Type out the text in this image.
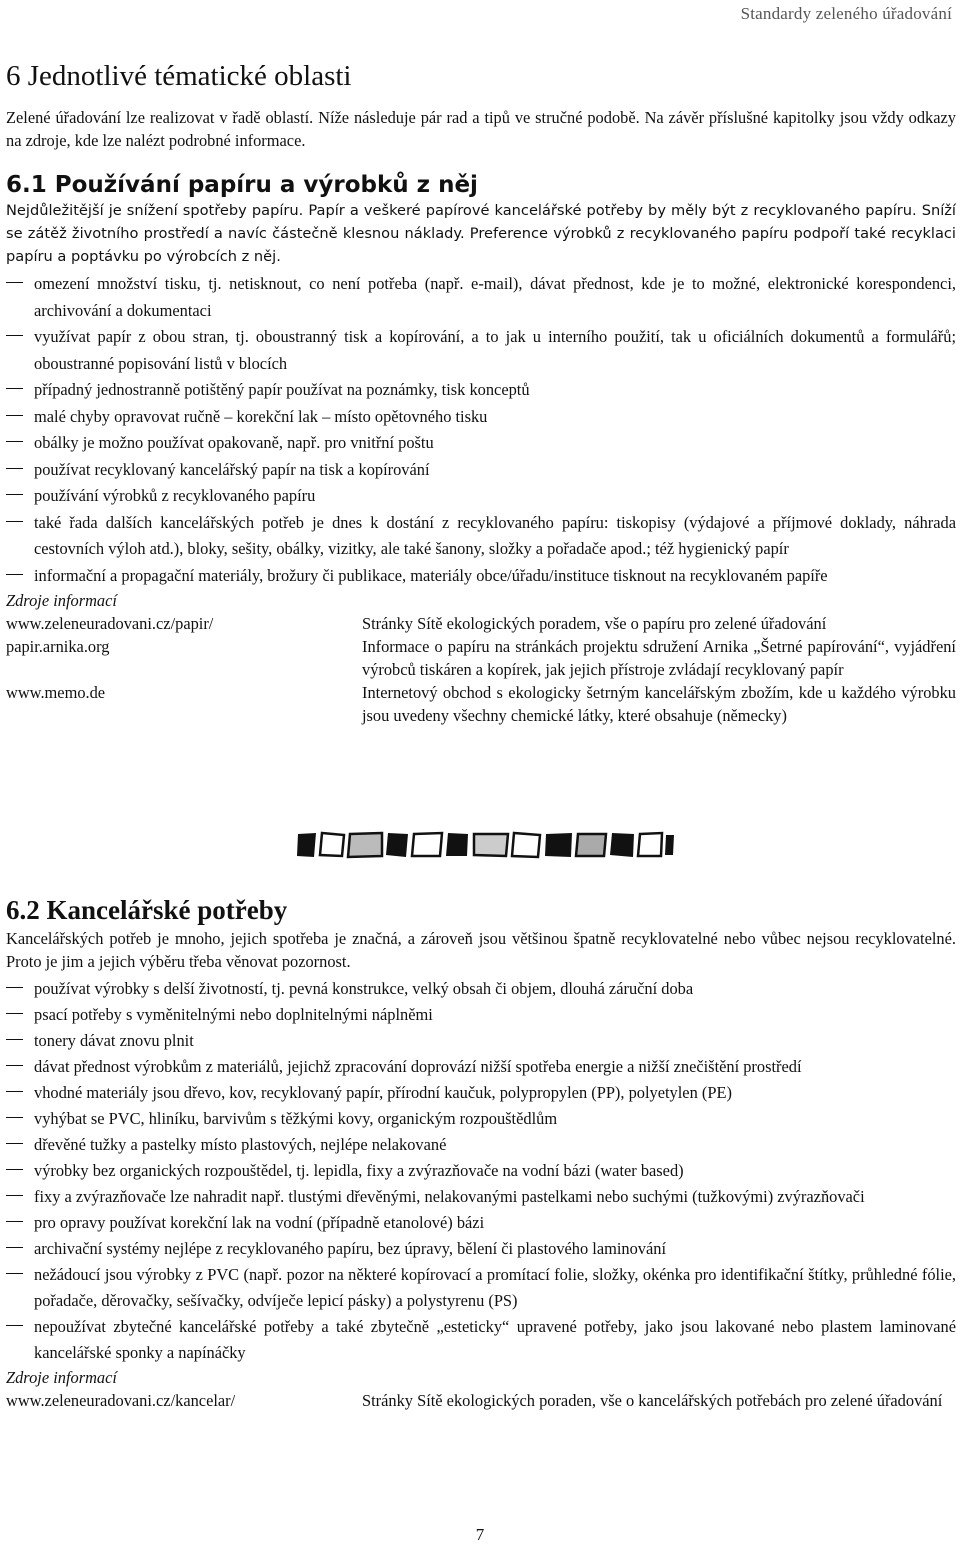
Standardy zeleného úřadování
6 Jednotlivé tématické oblasti

Zelené úřadování lze realizovat v řadě oblastí. Níže následuje pár rad a tipů ve stručné podobě. Na závěr příslušné kapitolky jsou vždy odkazy na zdroje, kde lze nalézt podrobné informace.

6.1 Používání papíru a výrobků z něj

Nejdůležitější je snížení spotřeby papíru. Papír a veškeré papírové kancelářské potřeby by měly být z recyklovaného papíru. Sníží se zátěž životního prostředí a navíc částečně klesnou náklady. Preference výrobků z recyklovaného papíru podpoří také recyklaci papíru a poptávku po výrobcích z něj.

omezení množství tisku, tj. netisknout, co není potřeba (např. e-mail), dávat přednost, kde je to možné, elektronické korespondenci, archivování a dokumentaci
využívat papír z obou stran, tj. oboustranný tisk a kopírování, a to jak u interního použití, tak u oficiálních dokumentů a formulářů; oboustranné popisování listů v blocích
případný jednostranně potištěný papír používat na poznámky, tisk konceptů
malé chyby opravovat ručně – korekční lak – místo opětovného tisku
obálky je možno používat opakovaně, např. pro vnitřní poštu
používat recyklovaný kancelářský papír na tisk a kopírování
používání výrobků z recyklovaného papíru
také řada dalších kancelářských potřeb je dnes k dostání z recyklovaného papíru: tiskopisy (výdajové a příjmové doklady, náhrada cestovních výloh atd.), bloky, sešity, obálky, vizitky, ale také šanony, složky a pořadače apod.; též hygienický papír
informační a propagační materiály, brožury či publikace, materiály obce/úřadu/instituce tisknout na recyklovaném papíře
Zdroje informací
www.zeleneuradovani.cz/papir/	Stránky Sítě ekologických poradem, vše o papíru pro zelené úřadování
papir.arnika.org	Informace o papíru na stránkách projektu sdružení Arnika „Šetrné papírování“, vyjádření výrobců tiskáren a kopírek, jak jejich přístroje zvládají recyklovaný papír
www.memo.de	Internetový obchod s ekologicky šetrným kancelářským zbožím, kde u každého výrobku jsou uvedeny všechny chemické látky, které obsahuje (německy)
6.2 Kancelářské potřeby

Kancelářských potřeb je mnoho, jejich spotřeba je značná, a zároveň jsou většinou špatně recyklovatelné nebo vůbec nejsou recyklovatelné. Proto je jim a jejich výběru třeba věnovat pozornost.

používat výrobky s delší životností, tj. pevná konstrukce, velký obsah či objem, dlouhá záruční doba
psací potřeby s vyměnitelnými nebo doplnitelnými náplněmi
tonery dávat znovu plnit
dávat přednost výrobkům z materiálů, jejichž zpracování doprovází nižší spotřeba energie a nižší znečištění prostředí
vhodné materiály jsou dřevo, kov, recyklovaný papír, přírodní kaučuk, polypropylen (PP), polyetylen (PE)
vyhýbat se PVC, hliníku, barvivům s těžkými kovy, organickým rozpouštědlům
dřevěné tužky a pastelky místo plastových, nejlépe nelakované
výrobky bez organických rozpouštědel, tj. lepidla, fixy a zvýrazňovače na vodní bázi (water based)
fixy a zvýrazňovače lze nahradit např. tlustými dřevěnými, nelakovanými pastelkami nebo suchými (tužkovými) zvýrazňovači
pro opravy používat korekční lak na vodní (případně etanolové) bázi
archivační systémy nejlépe z recyklovaného papíru, bez úpravy, bělení či plastového laminování
nežádoucí jsou výrobky z PVC (např. pozor na některé kopírovací a promítací folie, složky, okénka pro identifikační štítky, průhledné fólie, pořadače, děrovačky, sešívačky, odvíječe lepicí pásky) a polystyrenu (PS)
nepoužívat zbytečné kancelářské potřeby a také zbytečně „esteticky“ upravené potřeby, jako jsou lakované nebo plastem laminované kancelářské sponky a napínáčky
Zdroje informací
www.zeleneuradovani.cz/kancelar/	Stránky Sítě ekologických poraden, vše o kancelářských potřebách pro zelené úřadování
7
